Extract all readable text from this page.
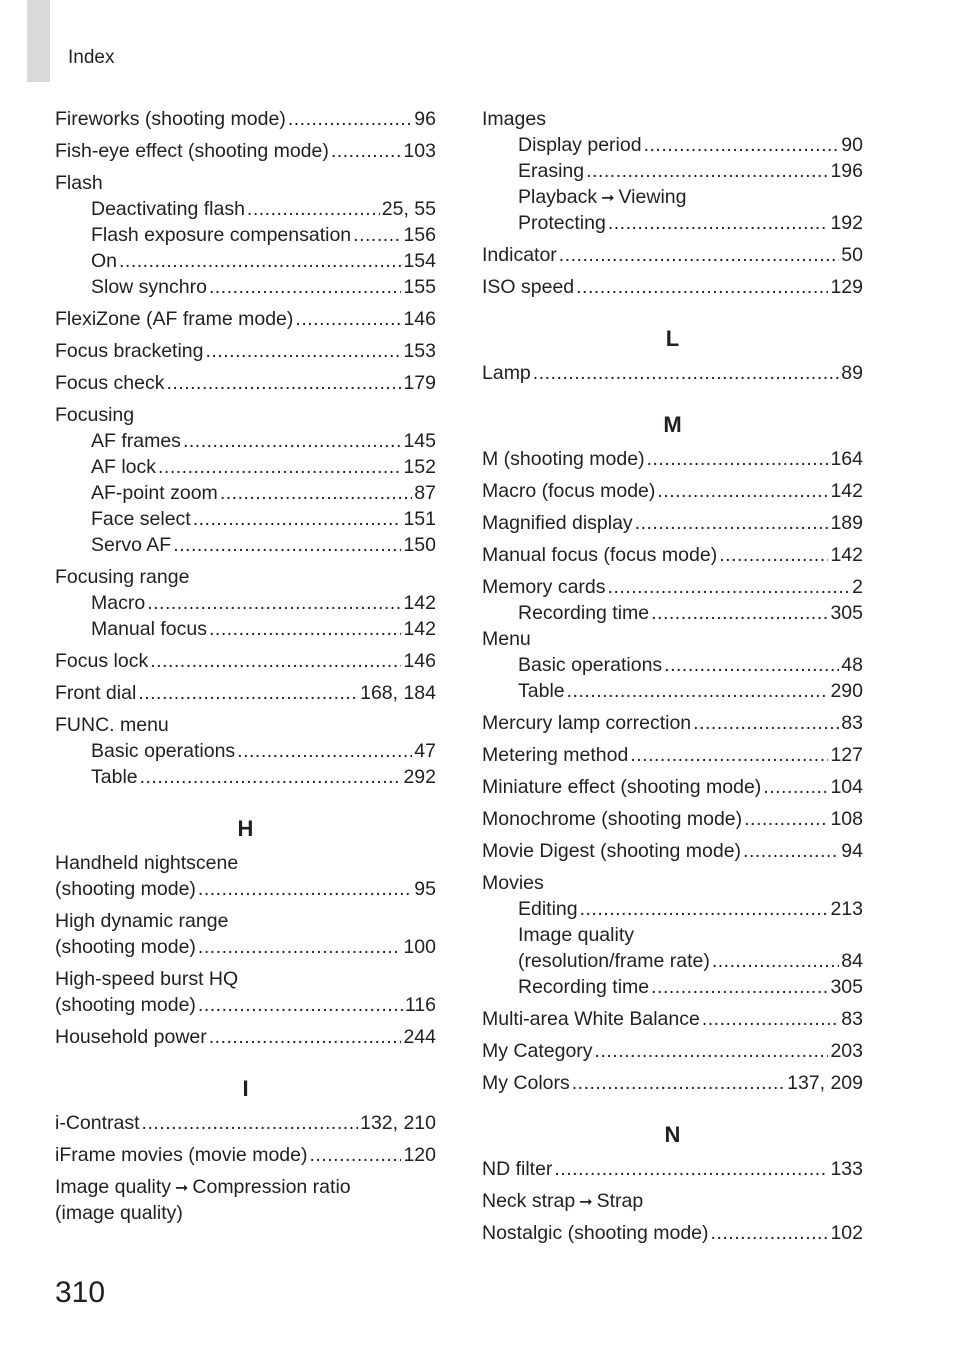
Index
Fireworks (shooting mode) .....	96
Fish-eye effect (shooting mode) .....	103
Flash
Deactivating flash .....	25, 55
Flash exposure compensation .....	156
On .....	154
Slow synchro .....	155
FlexiZone (AF frame mode) .....	146
Focus bracketing .....	153
Focus check .....	179
Focusing
AF frames .....	145
AF lock .....	152
AF-point zoom .....	87
Face select .....	151
Servo AF .....	150
Focusing range
Macro .....	142
Manual focus .....	142
Focus lock .....	146
Front dial .....	168, 184
FUNC. menu
Basic operations .....	47
Table .....	292
H
Handheld nightscene
(shooting mode) .....	95
High dynamic range
(shooting mode) .....	100
High-speed burst HQ
(shooting mode) .....	116
Household power .....	244
I
i-Contrast .....	132, 210
iFrame movies (movie mode) .....	120
Image quality ➞ Compression ratio
(image quality)
Images
Display period .....	90
Erasing .....	196
Playback ➞ Viewing
Protecting .....	192
Indicator .....	50
ISO speed .....	129
L
Lamp .....	89
M
M (shooting mode) .....	164
Macro (focus mode) .....	142
Magnified display .....	189
Manual focus (focus mode) .....	142
Memory cards .....	2
Recording time .....	305
Menu
Basic operations .....	48
Table .....	290
Mercury lamp correction .....	83
Metering method .....	127
Miniature effect (shooting mode) .....	104
Monochrome (shooting mode) .....	108
Movie Digest (shooting mode) .....	94
Movies
Editing .....	213
Image quality
(resolution/frame rate) .....	84
Recording time .....	305
Multi-area White Balance .....	83
My Category .....	203
My Colors .....	137, 209
N
ND filter .....	133
Neck strap ➞ Strap
Nostalgic (shooting mode) .....	102
310
